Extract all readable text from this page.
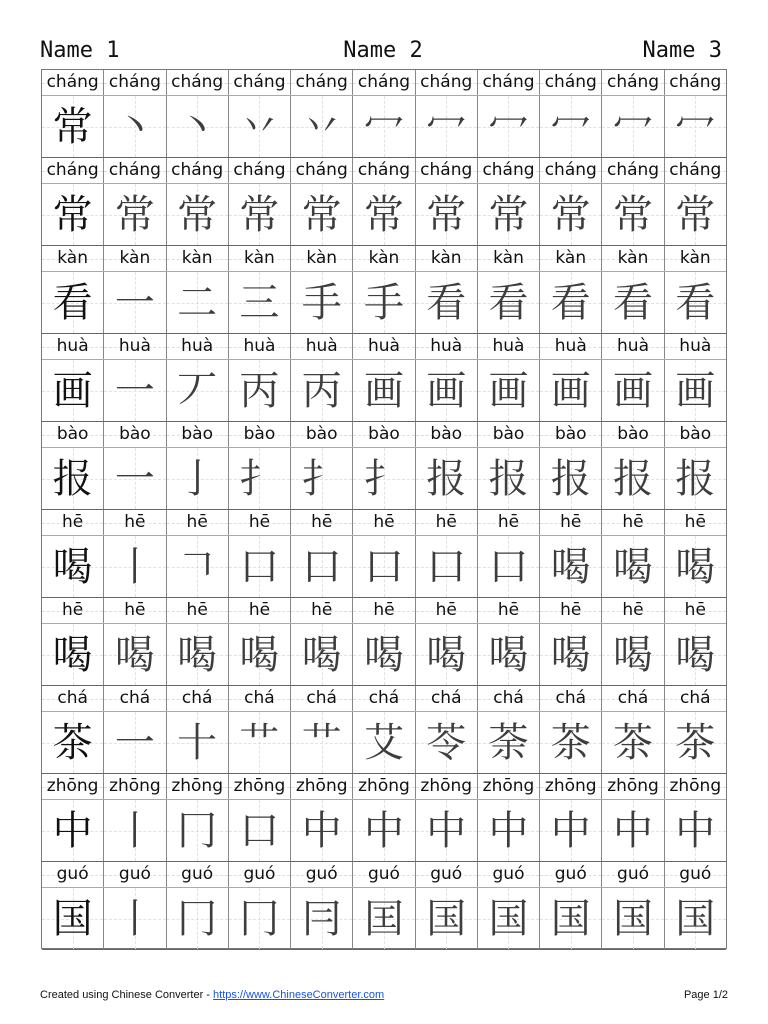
Name 1	Name 2	Name 3
cháng cháng cháng cháng cháng cháng cháng cháng cháng cháng cháng
常 丶 丶 丷 丷 冖 冖 冖 冖 冖 冖
cháng cháng cháng cháng cháng cháng cháng cháng cháng cháng cháng
常 常 常 常 常 常 常 常 常 常 常
kàn	kàn	kàn	kàn	kàn	kàn	kàn	kàn	kàn	kàn	kàn
看 一 二 三 手 手 看 看 看 看 看
huà	huà	huà	huà	huà	huà	huà	huà	huà	huà	huà
画 一 丆 丙 丙 画 画 画 画 画 画
bào	bào	bào	bào	bào	bào	bào	bào	bào	bào	bào
报 一 亅 扌 扌 扌 报 报 报 报 报
hē	hē	hē	hē	hē	hē	hē	hē	hē	hē	hē
喝 丨 𠃍 口 口 口 口 口 喝 喝 喝
hē	hē	hē	hē	hē	hē	hē	hē	hē	hē	hē
喝 喝 喝 喝 喝 喝 喝 喝 喝 喝 喝
chá	chá	chá	chá	chá	chá	chá	chá	chá	chá	chá
茶 一 十 艹 艹 艾 苓 荼 茶 茶 茶
zhōng zhōng zhōng zhōng zhōng zhōng zhōng zhōng zhōng zhōng zhōng
中 丨 冂 口 中 中 中 中 中 中 中
guó	guó	guó	guó	guó	guó	guó	guó	guó	guó	guó
国 丨 冂 冂 冃 囯 国 国 国 国 国
Created using Chinese Converter - https://www.ChineseConverter.com	Page 1/2
